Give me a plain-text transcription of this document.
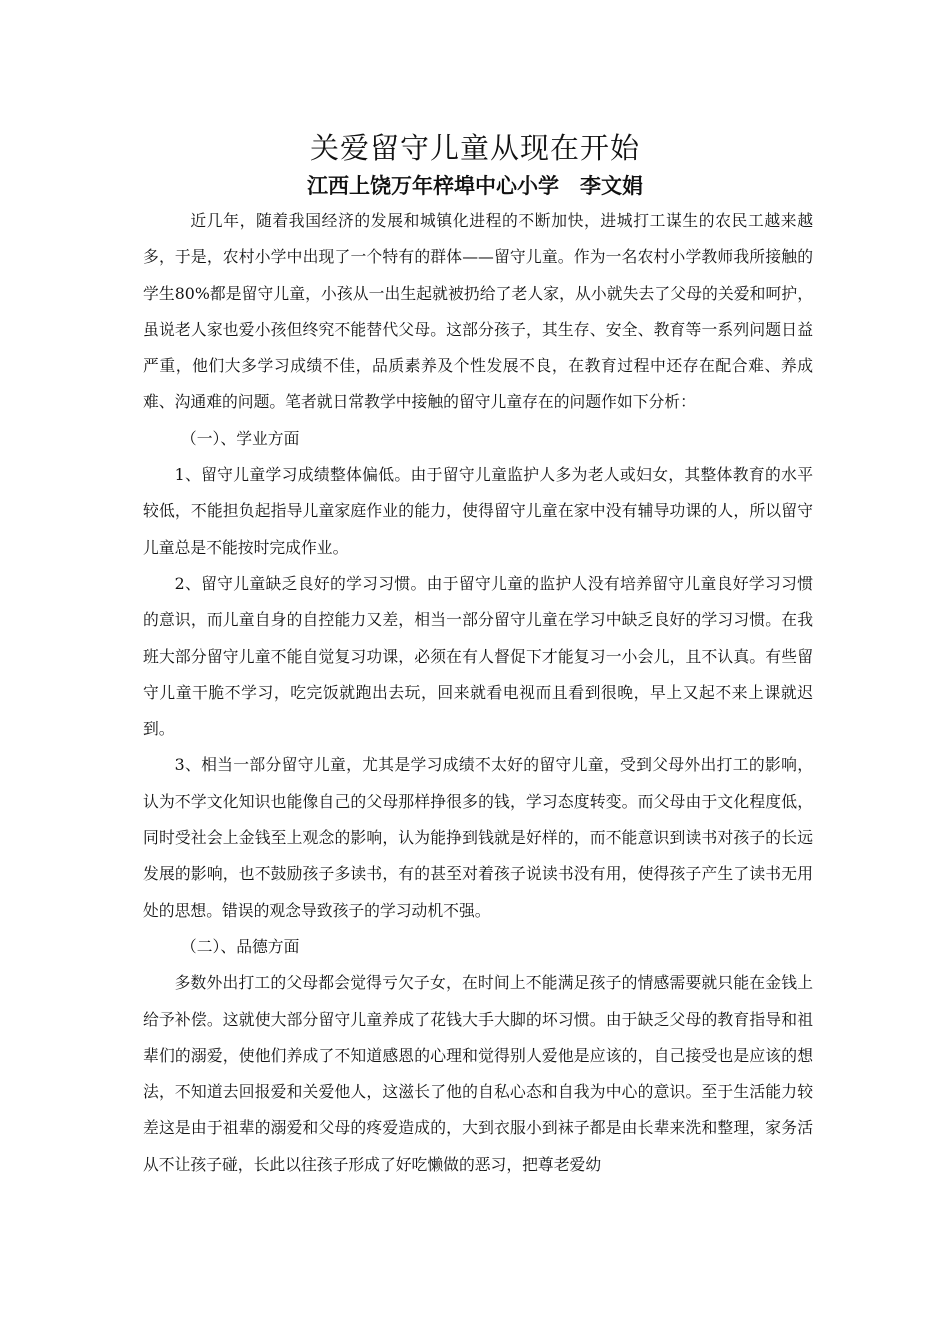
关爱留守儿童从现在开始
江西上饶万年梓埠中心小学　李文娟

近几年，随着我国经济的发展和城镇化进程的不断加快，进城打工谋生的农民工越来越多，于是，农村小学中出现了一个特有的群体——留守儿童。作为一名农村小学教师我所接触的学生80%都是留守儿童，小孩从一出生起就被扔给了老人家，从小就失去了父母的关爱和呵护，虽说老人家也爱小孩但终究不能替代父母。这部分孩子，其生存、安全、教育等一系列问题日益严重，他们大多学习成绩不佳，品质素养及个性发展不良，在教育过程中还存在配合难、养成难、沟通难的问题。笔者就日常教学中接触的留守儿童存在的问题作如下分析：

（一）、学业方面

1、留守儿童学习成绩整体偏低。由于留守儿童监护人多为老人或妇女，其整体教育的水平较低，不能担负起指导儿童家庭作业的能力，使得留守儿童在家中没有辅导功课的人，所以留守儿童总是不能按时完成作业。

2、留守儿童缺乏良好的学习习惯。由于留守儿童的监护人没有培养留守儿童良好学习习惯的意识，而儿童自身的自控能力又差，相当一部分留守儿童在学习中缺乏良好的学习习惯。在我班大部分留守儿童不能自觉复习功课，必须在有人督促下才能复习一小会儿，且不认真。有些留守儿童干脆不学习，吃完饭就跑出去玩，回来就看电视而且看到很晚，早上又起不来上课就迟到。

3、相当一部分留守儿童，尤其是学习成绩不太好的留守儿童，受到父母外出打工的影响，认为不学文化知识也能像自己的父母那样挣很多的钱，学习态度转变。而父母由于文化程度低，同时受社会上金钱至上观念的影响，认为能挣到钱就是好样的，而不能意识到读书对孩子的长远发展的影响，也不鼓励孩子多读书，有的甚至对着孩子说读书没有用，使得孩子产生了读书无用处的思想。错误的观念导致孩子的学习动机不强。

（二）、品德方面

多数外出打工的父母都会觉得亏欠子女，在时间上不能满足孩子的情感需要就只能在金钱上给予补偿。这就使大部分留守儿童养成了花钱大手大脚的坏习惯。由于缺乏父母的教育指导和祖辈们的溺爱，使他们养成了不知道感恩的心理和觉得别人爱他是应该的，自己接受也是应该的想法，不知道去回报爱和关爱他人，这滋长了他的自私心态和自我为中心的意识。至于生活能力较差这是由于祖辈的溺爱和父母的疼爱造成的，大到衣服小到袜子都是由长辈来洗和整理，家务活从不让孩子碰，长此以往孩子形成了好吃懒做的恶习，把尊老爱幼
